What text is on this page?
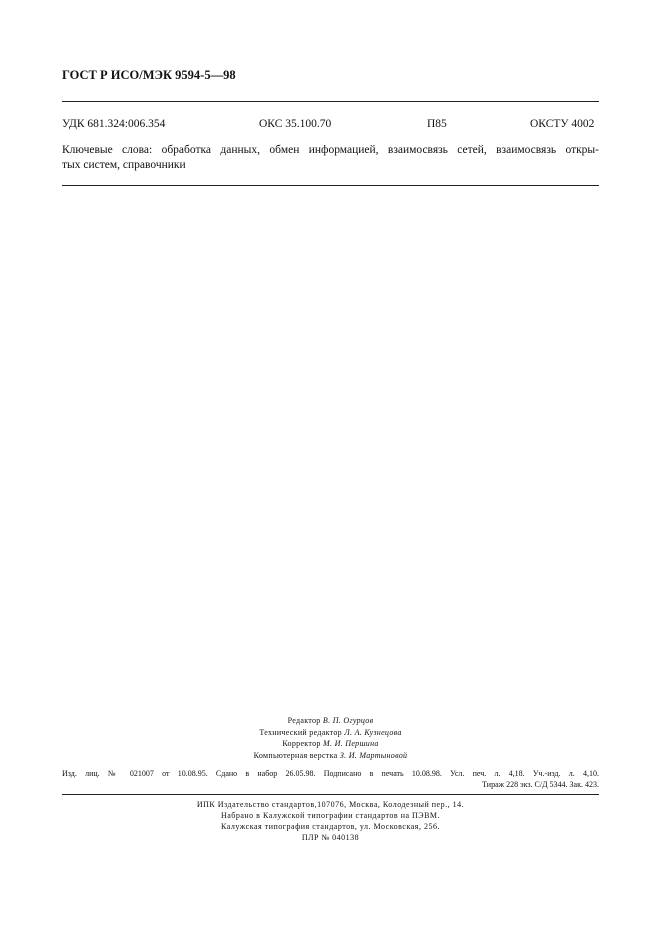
ГОСТ Р ИСО/МЭК 9594-5—98
УДК 681.324:006.354	ОКС 35.100.70	П85	ОКСТУ 4002
Ключевые слова: обработка данных, обмен информацией, взаимосвязь сетей, взаимосвязь откры-
тых систем, справочники
Редактор В. П. Огурцов
Технический редактор Л. А. Кузнецова
Корректор М. И. Першина
Компьютерная верстка З. И. Мартыновой
Изд. лиц. № 021007 от 10.08.95. Сдано в набор 26.05.98. Подписано в печать 10.08.98. Усл. печ. л. 4,18. Уч.-изд. л. 4,10.
Тираж 228 экз. С/Д 5344. Зак. 423.
ИПК Издательство стандартов,107076, Москва, Колодезный пер., 14.
Набрано в Калужской типографии стандартов на ПЭВМ.
Калужская типография стандартов, ул. Московская, 256.
ПЛР № 040138
